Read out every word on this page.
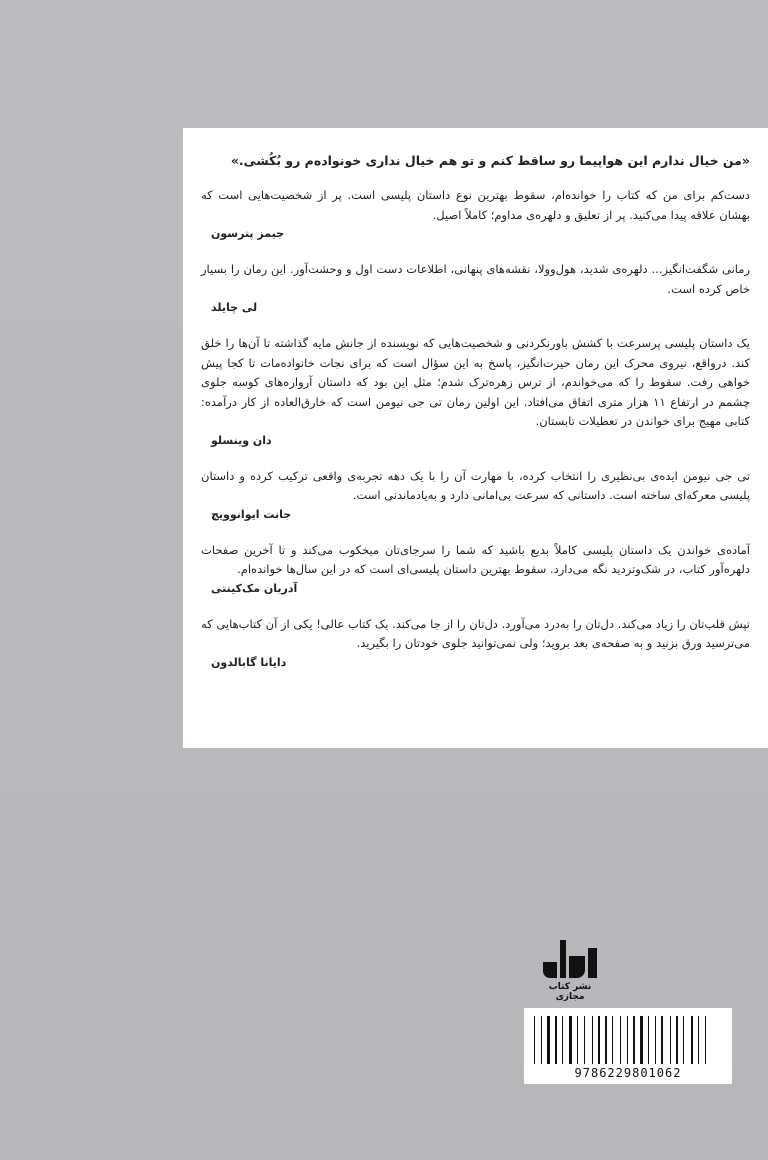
«من خیال ندارم این هواپیما رو ساقط کنم و تو هم خیال نداری خونواده‌م رو بُکُشی.»

دست‌کم برای من که کتاب را خوانده‌ام، سقوط بهترین نوع داستان پلیسی است. پر از شخصیت‌هایی است که بهشان علاقه پیدا می‌کنید. پر از تعلیق و دلهره‌ی مداوم؛ کاملاً اصیل.

جیمز پترسون

رمانی شگفت‌انگیز... دلهره‌ی شدید، هول‌وولا، نقشه‌های پنهانی، اطلاعات دست اول و وحشت‌آور. این رمان را بسیار خاص کرده است.

لی چایلد

یک داستان پلیسی پرسرعت با کشش باورنکردنی و شخصیت‌هایی که نویسنده از جانش مایه گذاشته تا آن‌ها را خلق کند. درواقع، نیروی محرک این رمان حیرت‌انگیز، پاسخ به این سؤال است که برای نجات خانواده‌مات تا کجا پیش خواهی رفت. سقوط را که می‌خواندم، از ترس زهره‌ترک شدم؛ مثل این بود که داستان آرواره‌های کوسه جلوی چشمم در ارتفاع ۱۱ هزار متری اتفاق می‌افتاد. این اولین رمان تی جی نیومن است که خارق‌العاده از کار درآمده: کتابی مهیج برای خواندن در تعطیلات تابستان.

دان وینسلو

تی جی نیومن ایده‌ی بی‌نظیری را انتخاب کرده، با مهارت آن را با یک دهه تجربه‌ی واقعی ترکیب کرده و داستان پلیسی معرکه‌ای ساخته است. داستانی که سرعت بی‌امانی دارد و به‌یادماندنی است.

جانت ایوانوویچ

آماده‌ی خواندن یک داستان پلیسی کاملاً بدیع باشید که شما را سرجای‌تان میخکوب می‌کند و تا آخرین صفحات دلهره‌آور کتاب، در شک‌وتردید نگه می‌دارد. سقوط بهترین داستان پلیسی‌ای است که در این سال‌ها خوانده‌ام.

آدریان مک‌کینتی

تپش قلب‌تان را زیاد می‌کند. دل‌تان را به‌درد می‌آورد. دل‌تان را از جا می‌کند. یک کتاب عالی! یکی از آن کتاب‌هایی که می‌ترسید ورق بزنید و به صفحه‌ی بعد بروید؛ ولی نمی‌توانید جلوی خودتان را بگیرید.

دایانا گابالدون

نشر کتاب مجازی
9786229801062
